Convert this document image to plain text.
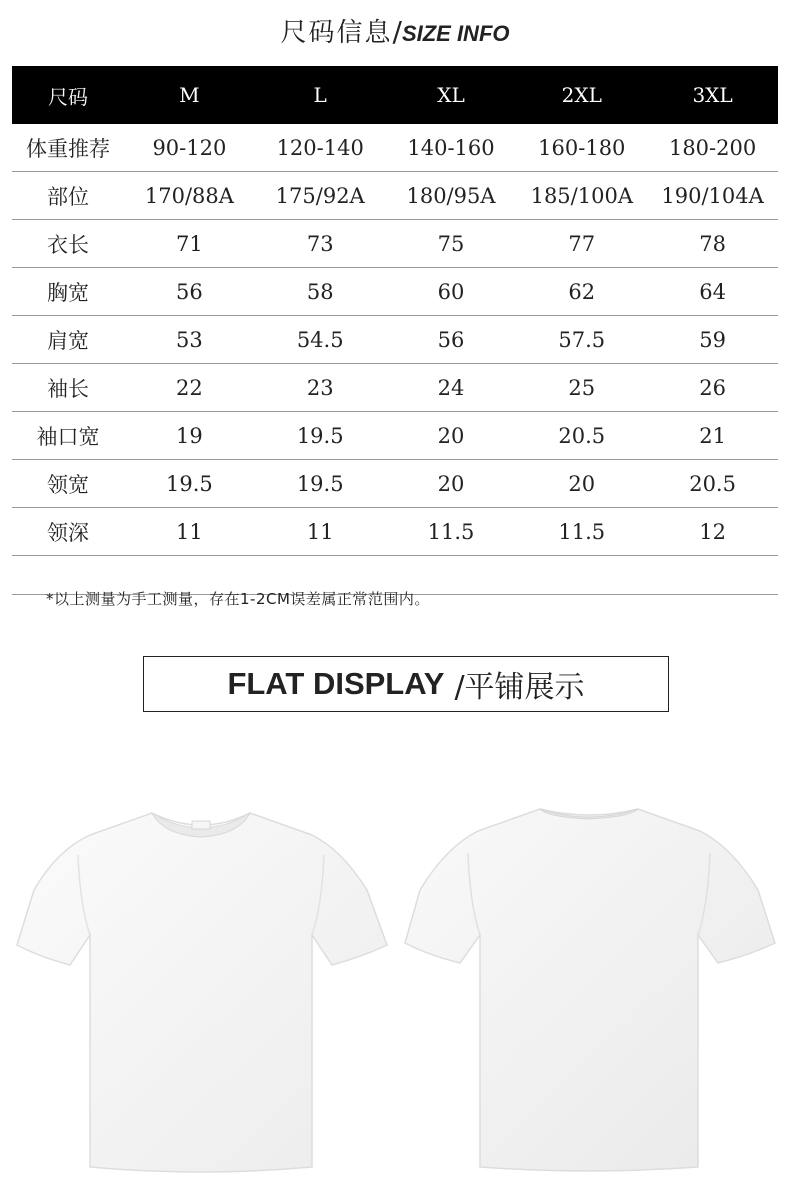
尺码信息/SIZE INFO
尺码	M	L	XL	2XL	3XL
体重推荐	90-120	120-140	140-160	160-180	180-200
部位	170/88A	175/92A	180/95A	185/100A	190/104A
衣长	71	73	75	77	78
胸宽	56	58	60	62	64
肩宽	53	54.5	56	57.5	59
袖长	22	23	24	25	26
袖口宽	19	19.5	20	20.5	21
领宽	19.5	19.5	20	20	20.5
领深	11	11	11.5	11.5	12
*以上测量为手工测量，存在1-2CM误差属正常范围内。
FLAT DISPLAY /平铺展示
